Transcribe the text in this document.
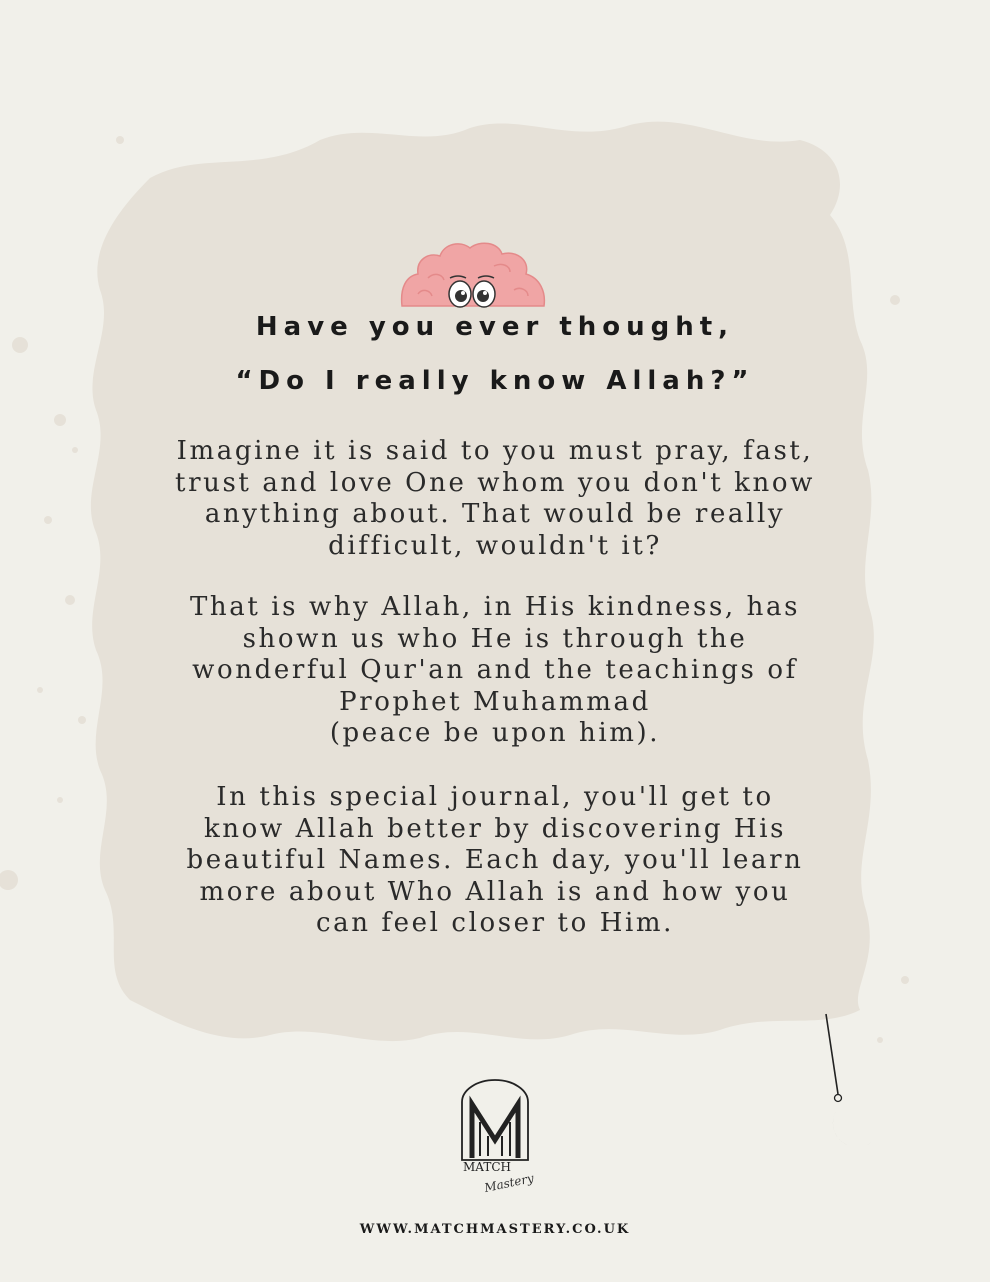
Have you ever thought,
“Do I really know Allah?”
Imagine it is said to you must pray, fast,
trust and love One whom you don't know
anything about. That would be really
difficult, wouldn't it?
That is why Allah, in His kindness, has
shown us who He is through the
wonderful Qur'an and the teachings of
Prophet Muhammad
(peace be upon him).
In this special journal, you'll get to
know Allah better by discovering His
beautiful Names. Each day, you'll learn
more about Who Allah is and how you
can feel closer to Him.
MATCH
Mastery
WWW.MATCHMASTERY.CO.UK
